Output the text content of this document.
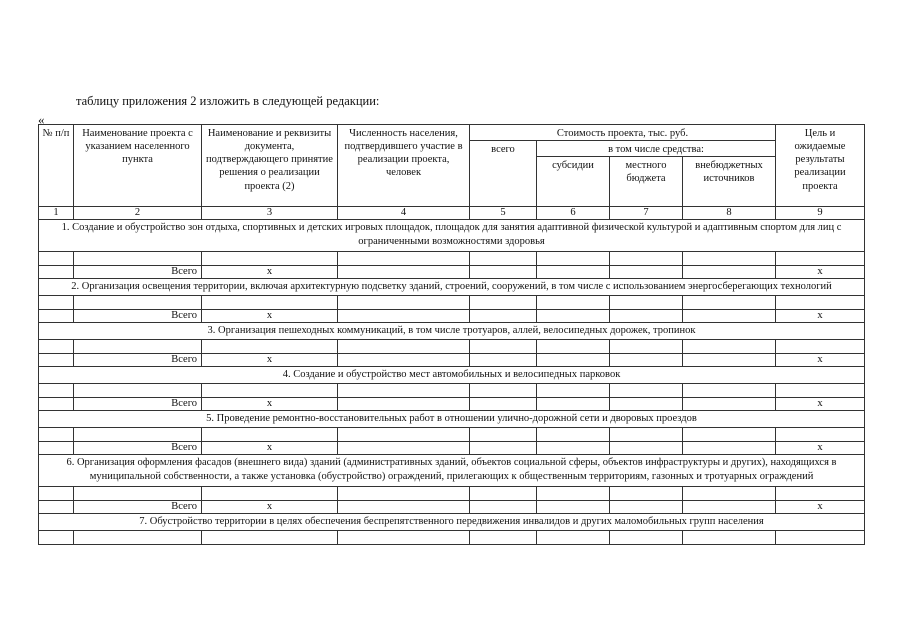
таблицу приложения 2 изложить в следующей редакции:
«
№ п/п	Наименование проекта с указанием населенного пункта	Наименование и реквизиты документа, подтверждающего принятие решения о реализации проекта (2)	Численность населения, подтвердившего участие в реализации проекта, человек	Стоимость проекта, тыс. руб.				Цель и ожидаемые результаты реализации проекта
				всего	в том числе средства:			
					субсидии	местного бюджета	внебюджетных источников	
1	2	3	4	5	6	7	8	9
1. Создание и обустройство зон отдыха, спортивных и детских игровых площадок, площадок для занятия адаптивной физической культурой и адаптивным спортом для лиц с ограниченными возможностями здоровья								

	Всего	х						х
2. Организация освещения территории, включая архитектурную подсветку зданий, строений, сооружений, в том числе с использованием энергосберегающих технологий								

	Всего	х						х
3. Организация пешеходных коммуникаций, в том числе тротуаров, аллей, велосипедных дорожек, тропинок								

	Всего	х						х
4. Создание и обустройство мест автомобильных и велосипедных парковок								

	Всего	х						х
5. Проведение ремонтно-восстановительных работ в отношении улично-дорожной сети и дворовых проездов								

	Всего	х						х
6. Организация оформления фасадов (внешнего вида) зданий (административных зданий, объектов социальной сферы, объектов инфраструктуры и других), находящихся в муниципальной собственности, а также установка (обустройство) ограждений, прилегающих к общественным территориям, газонных и тротуарных ограждений								

	Всего	х						х
7. Обустройство территории в целях обеспечения беспрепятственного передвижения инвалидов и других маломобильных групп населения								
